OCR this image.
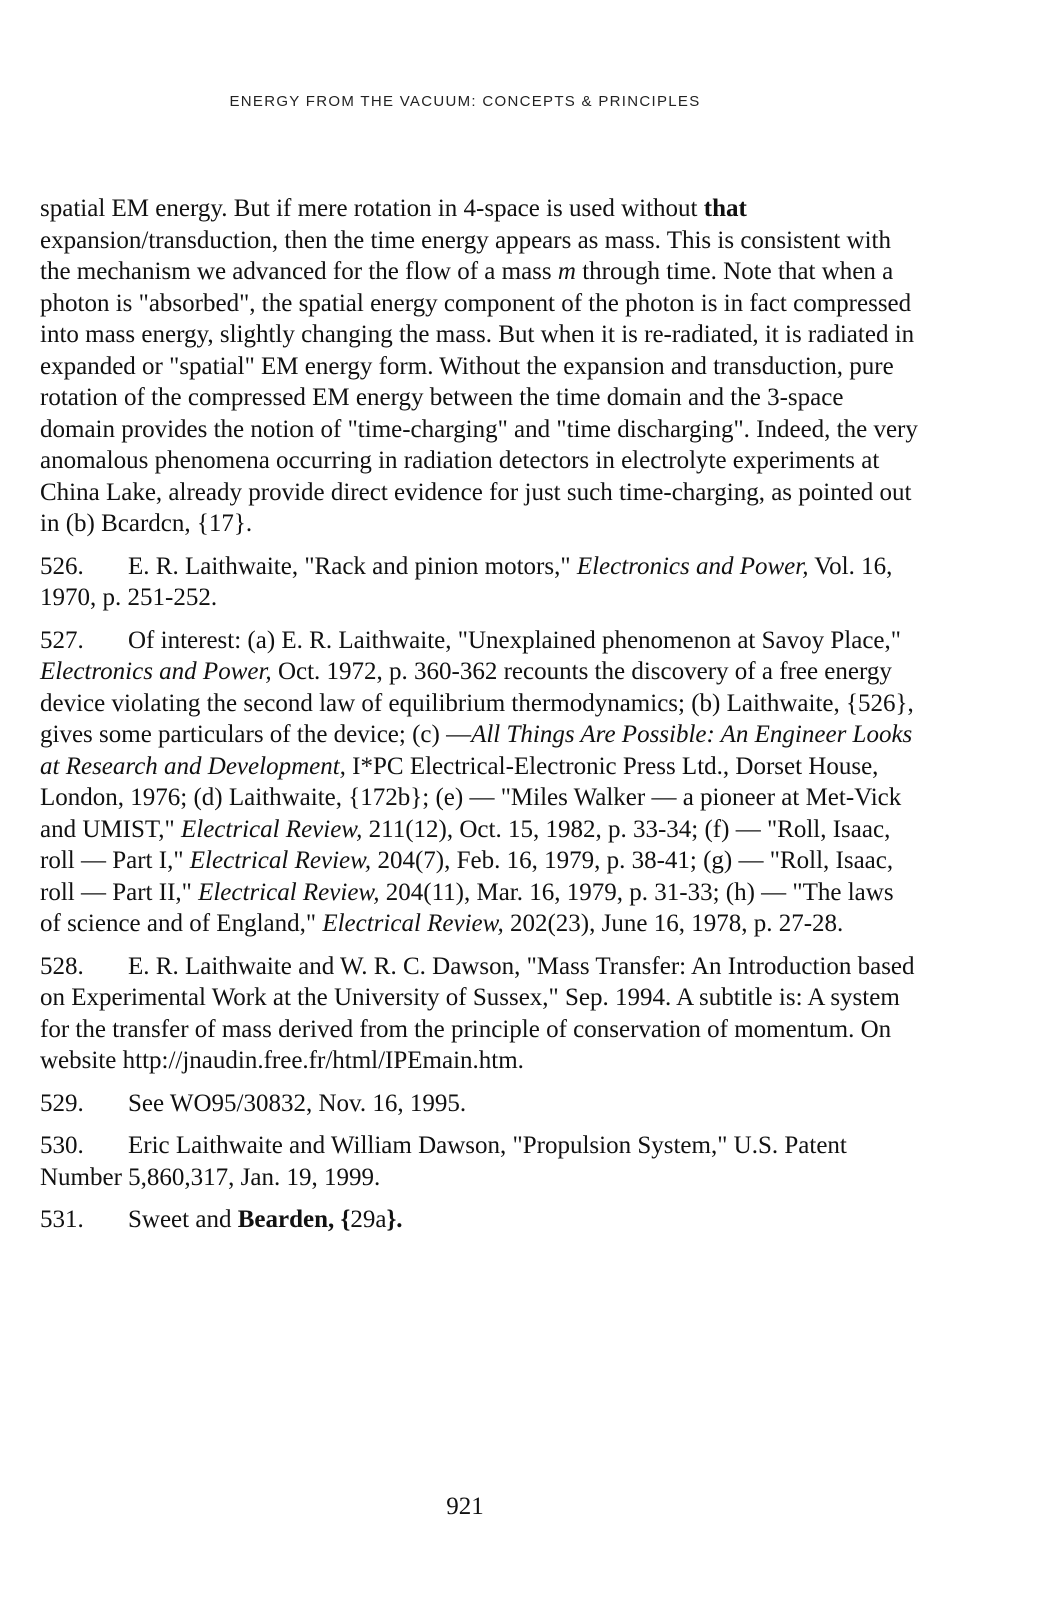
ENERGY FROM THE VACUUM: CONCEPTS & PRINCIPLES

spatial EM energy. But if mere rotation in 4-space is used without that expansion/transduction, then the time energy appears as mass. This is consistent with the mechanism we advanced for the flow of a mass m through time. Note that when a photon is "absorbed", the spatial energy component of the photon is in fact compressed into mass energy, slightly changing the mass. But when it is re-radiated, it is radiated in expanded or "spatial" EM energy form. Without the expansion and transduction, pure rotation of the compressed EM energy between the time domain and the 3-space domain provides the notion of "time-charging" and "time discharging". Indeed, the very anomalous phenomena occurring in radiation detectors in electrolyte experiments at China Lake, already provide direct evidence for just such time-charging, as pointed out in (b) Bcardcn, {17}.

526. E. R. Laithwaite, "Rack and pinion motors," Electronics and Power, Vol. 16, 1970, p. 251-252.

527. Of interest: (a) E. R. Laithwaite, "Unexplained phenomenon at Savoy Place," Electronics and Power, Oct. 1972, p. 360-362 recounts the discovery of a free energy device violating the second law of equilibrium thermodynamics; (b) Laithwaite, {526}, gives some particulars of the device; (c) —All Things Are Possible: An Engineer Looks at Research and Development, I*PC Electrical-Electronic Press Ltd., Dorset House, London, 1976; (d) Laithwaite, {172b}; (e) — "Miles Walker — a pioneer at Met-Vick and UMIST," Electrical Review, 211(12), Oct. 15, 1982, p. 33-34; (f) — "Roll, Isaac, roll — Part I," Electrical Review, 204(7), Feb. 16, 1979, p. 38-41; (g) — "Roll, Isaac, roll — Part II," Electrical Review, 204(11), Mar. 16, 1979, p. 31-33; (h) — "The laws of science and of England," Electrical Review, 202(23), June 16, 1978, p. 27-28.

528. E. R. Laithwaite and W. R. C. Dawson, "Mass Transfer: An Introduction based on Experimental Work at the University of Sussex," Sep. 1994. A subtitle is: A system for the transfer of mass derived from the principle of conservation of momentum. On website http://jnaudin.free.fr/html/IPEmain.htm.

529. See WO95/30832, Nov. 16, 1995.

530. Eric Laithwaite and William Dawson, "Propulsion System," U.S. Patent Number 5,860,317, Jan. 19, 1999.

531. Sweet and Bearden, {29a}.

921
